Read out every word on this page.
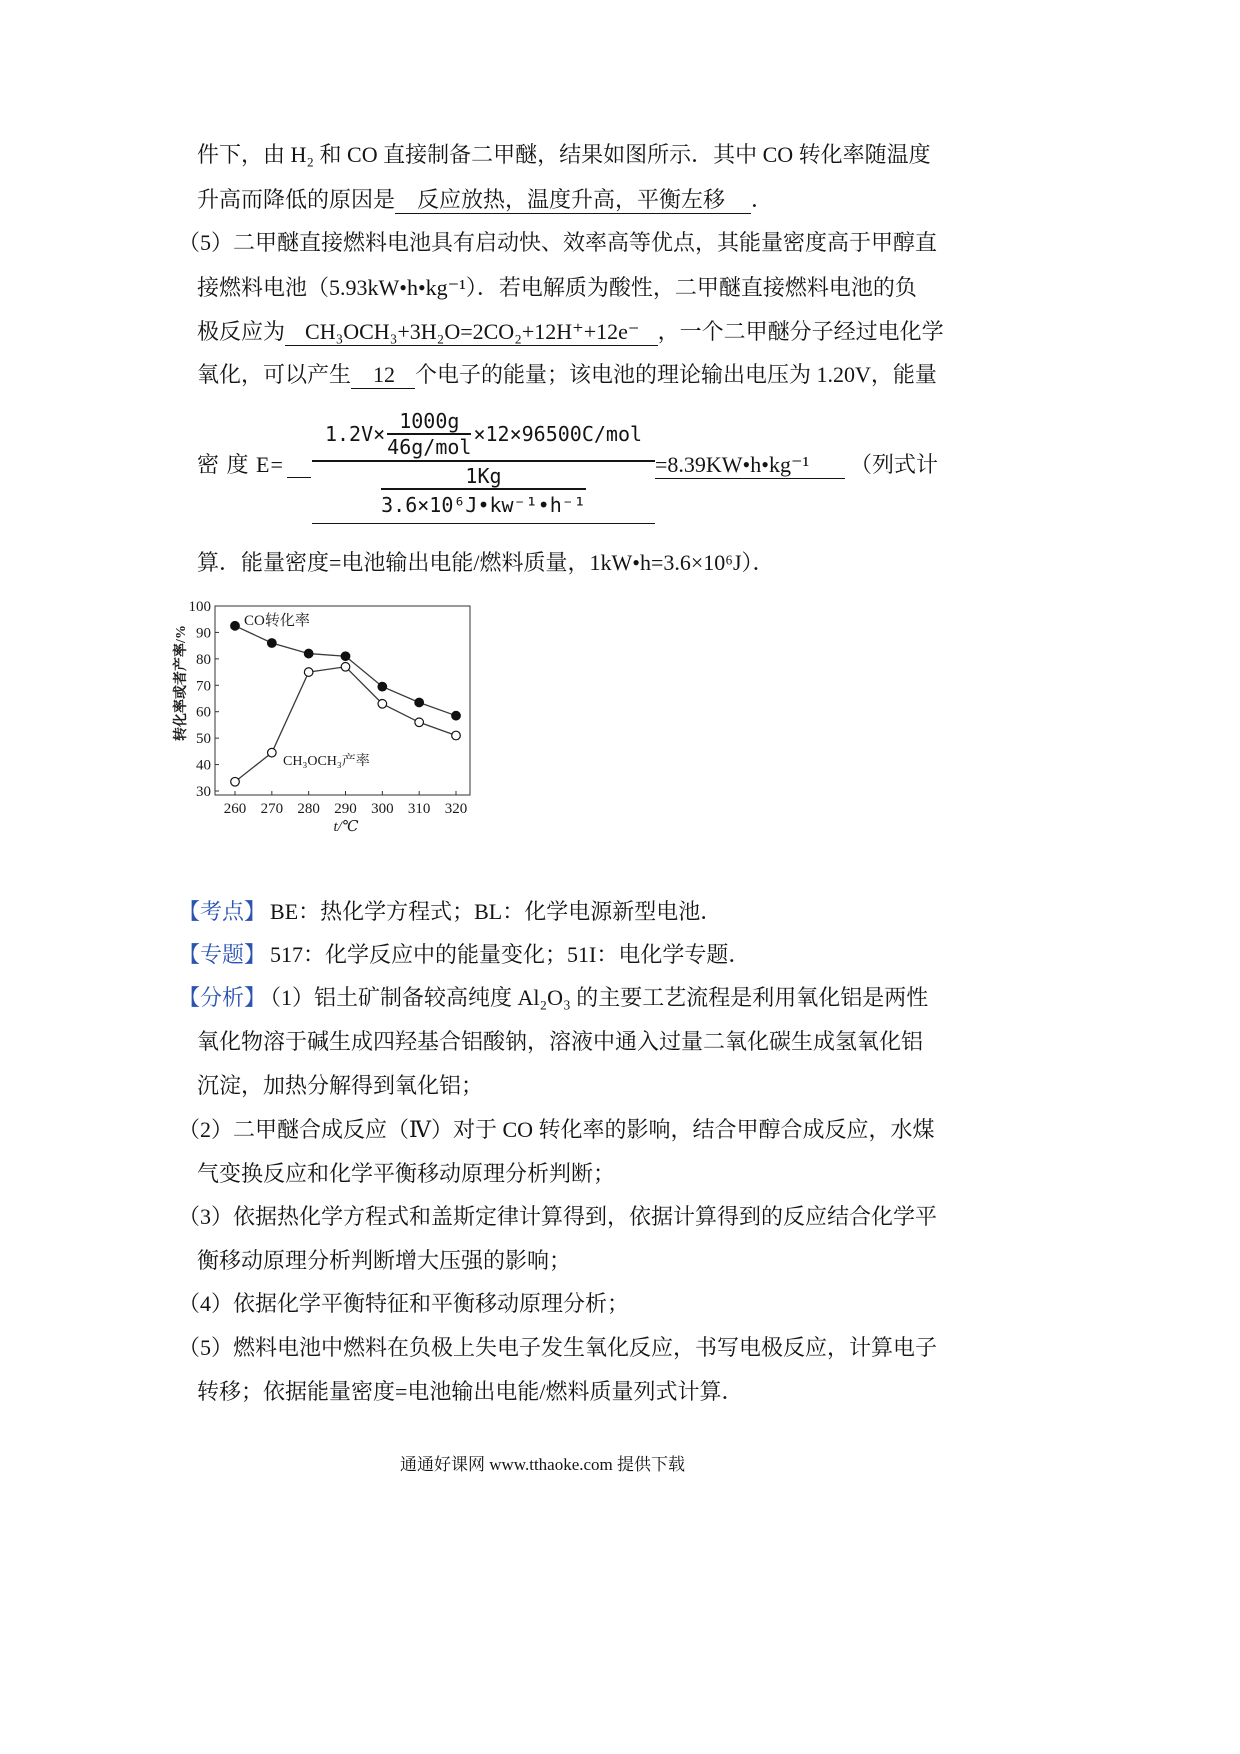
件下，由 H₂ 和 CO 直接制备二甲醚，结果如图所示．其中 CO 转化率随温度
升高而降低的原因是 反应放热，温度升高，平衡左移 ．
（5）二甲醚直接燃料电池具有启动快、效率高等优点，其能量密度高于甲醇直
接燃料电池（5.93kW•h•kg⁻¹）．若电解质为酸性，二甲醚直接燃料电池的负
极反应为 CH₃OCH₃+3H₂O=2CO₂+12H⁺+12e⁻ ，一个二甲醚分子经过电化学
氧化，可以产生 12 个电子的能量；该电池的理论输出电压为 1.20V，能量
密 度 E=
1.2V×
1000g
46g/mol
×12×96500C/mol
1Kg
3.6×10⁶J•kw⁻¹•h⁻¹
=8.39KW•h•kg⁻¹	（列式计
算．能量密度=电池输出电能/燃料质量，1kW•h=3.6×10⁶J）．
100
90
80
70
60
50
40
30
260 270 280 290 300 310 320
转化率或者产率/%
t/℃
CO转化率
CH₃OCH₃产率
【考点】 BE：热化学方程式；BL：化学电源新型电池．
【专题】 517：化学反应中的能量变化；51I：电化学专题．
【分析】 （1）铝土矿制备较高纯度 Al₂O₃ 的主要工艺流程是利用氧化铝是两性
氧化物溶于碱生成四羟基合铝酸钠，溶液中通入过量二氧化碳生成氢氧化铝
沉淀，加热分解得到氧化铝；
（2）二甲醚合成反应（Ⅳ）对于 CO 转化率的影响，结合甲醇合成反应，水煤
气变换反应和化学平衡移动原理分析判断；
（3）依据热化学方程式和盖斯定律计算得到，依据计算得到的反应结合化学平
衡移动原理分析判断增大压强的影响；
（4）依据化学平衡特征和平衡移动原理分析；
（5）燃料电池中燃料在负极上失电子发生氧化反应，书写电极反应，计算电子
转移；依据能量密度=电池输出电能/燃料质量列式计算．
通通好课网 www.tthaoke.com 提供下载
